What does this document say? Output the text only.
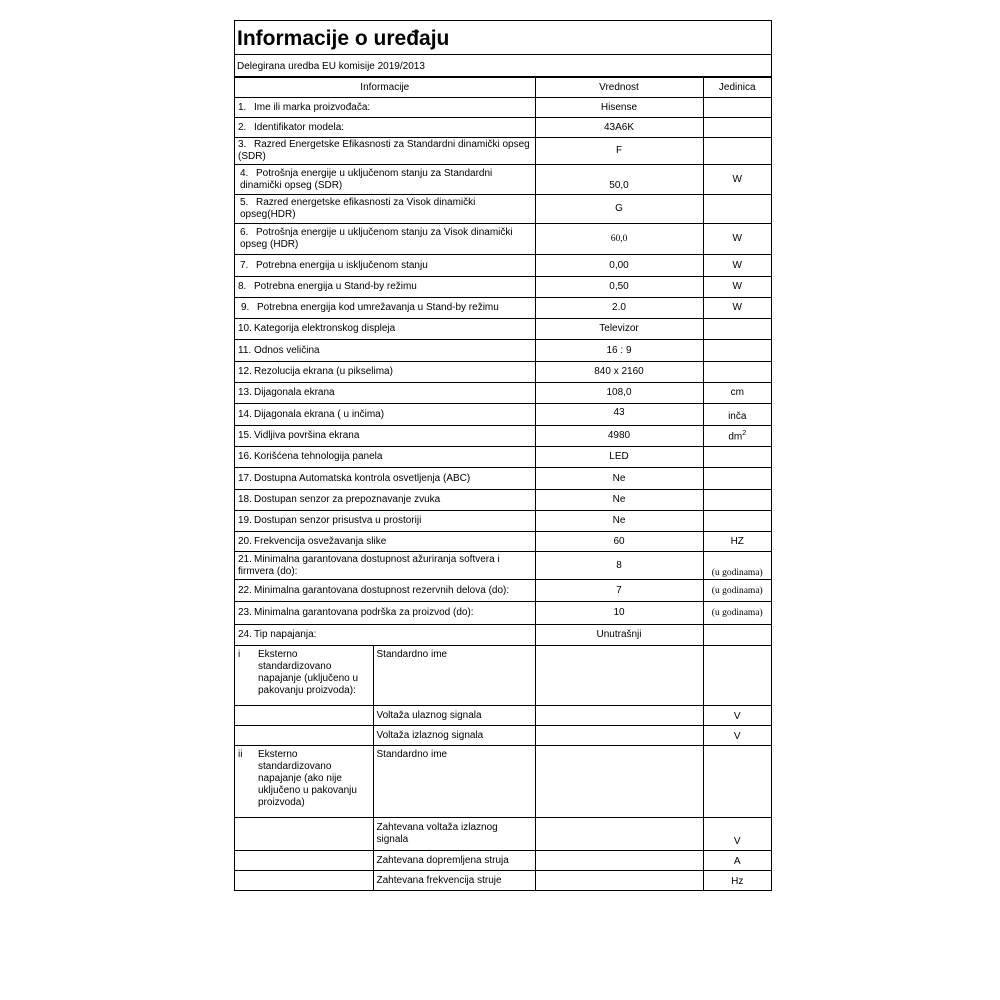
Informacije o uređaju
Delegirana uredba EU komisije 2019/2013
Informacije		Vrednost	Jedinica
1. Ime ili marka proizvođača:		Hisense	
2. Identifikator modela:		43A6K	
3. Razred Energetske Efikasnosti za Standardni dinamički opseg (SDR)		F	
4. Potrošnja energije u uključenom stanju za Standardni dinamički opseg (SDR)		50,0	W
5. Razred energetske efikasnosti za Visok dinamički opseg(HDR)		G	
6. Potrošnja energije u uključenom stanju za Visok dinamički opseg (HDR)		60,0	W
7. Potrebna energija u isključenom stanju		0,00	W
8. Potrebna energija u Stand-by režimu		0,50	W
9. Potrebna energija kod umrežavanja u Stand-by režimu		2.0	W
10. Kategorija elektronskog displeja		Televizor	
11. Odnos veličina		16 : 9	
12. Rezolucija ekrana (u pikselima)		840 x 2160	
13. Dijagonala ekrana		108,0	cm
14. Dijagonala ekrana ( u inčima)		43	inča
15. Vidljiva površina ekrana		4980	$dm^2$
16. Korišćena tehnologija panela		LED	
17. Dostupna Automatska kontrola osvetljenja (ABC)		Ne	
18. Dostupan senzor za prepoznavanje zvuka		Ne	
19. Dostupan senzor prisustva u prostoriji		Ne	
20. Frekvencija osvežavanja slike		60	HZ
21. Minimalna garantovana dostupnost ažuriranja softvera i firmvera (do):		8	(u godinama)
22. Minimalna garantovana dostupnost rezervnih delova (do):		7	(u godinama)
23. Minimalna garantovana podrška za proizvod (do):		10	(u godinama)
24. Tip napajanja:		Unutrašnji	

i Eksterno standardizovano napajanje (uključeno u pakovanju proizvoda):	Standardno ime		
	Voltaža ulaznog signala		V
	Voltaža izlaznog signala		V

ii Eksterno standardizovano napajanje (ako nije uključeno u pakovanju proizvoda)	Standardno ime		
	Zahtevana voltaža izlaznog signala		V
	Zahtevana dopremljena struja		A
	Zahtevana frekvencija struje		Hz
